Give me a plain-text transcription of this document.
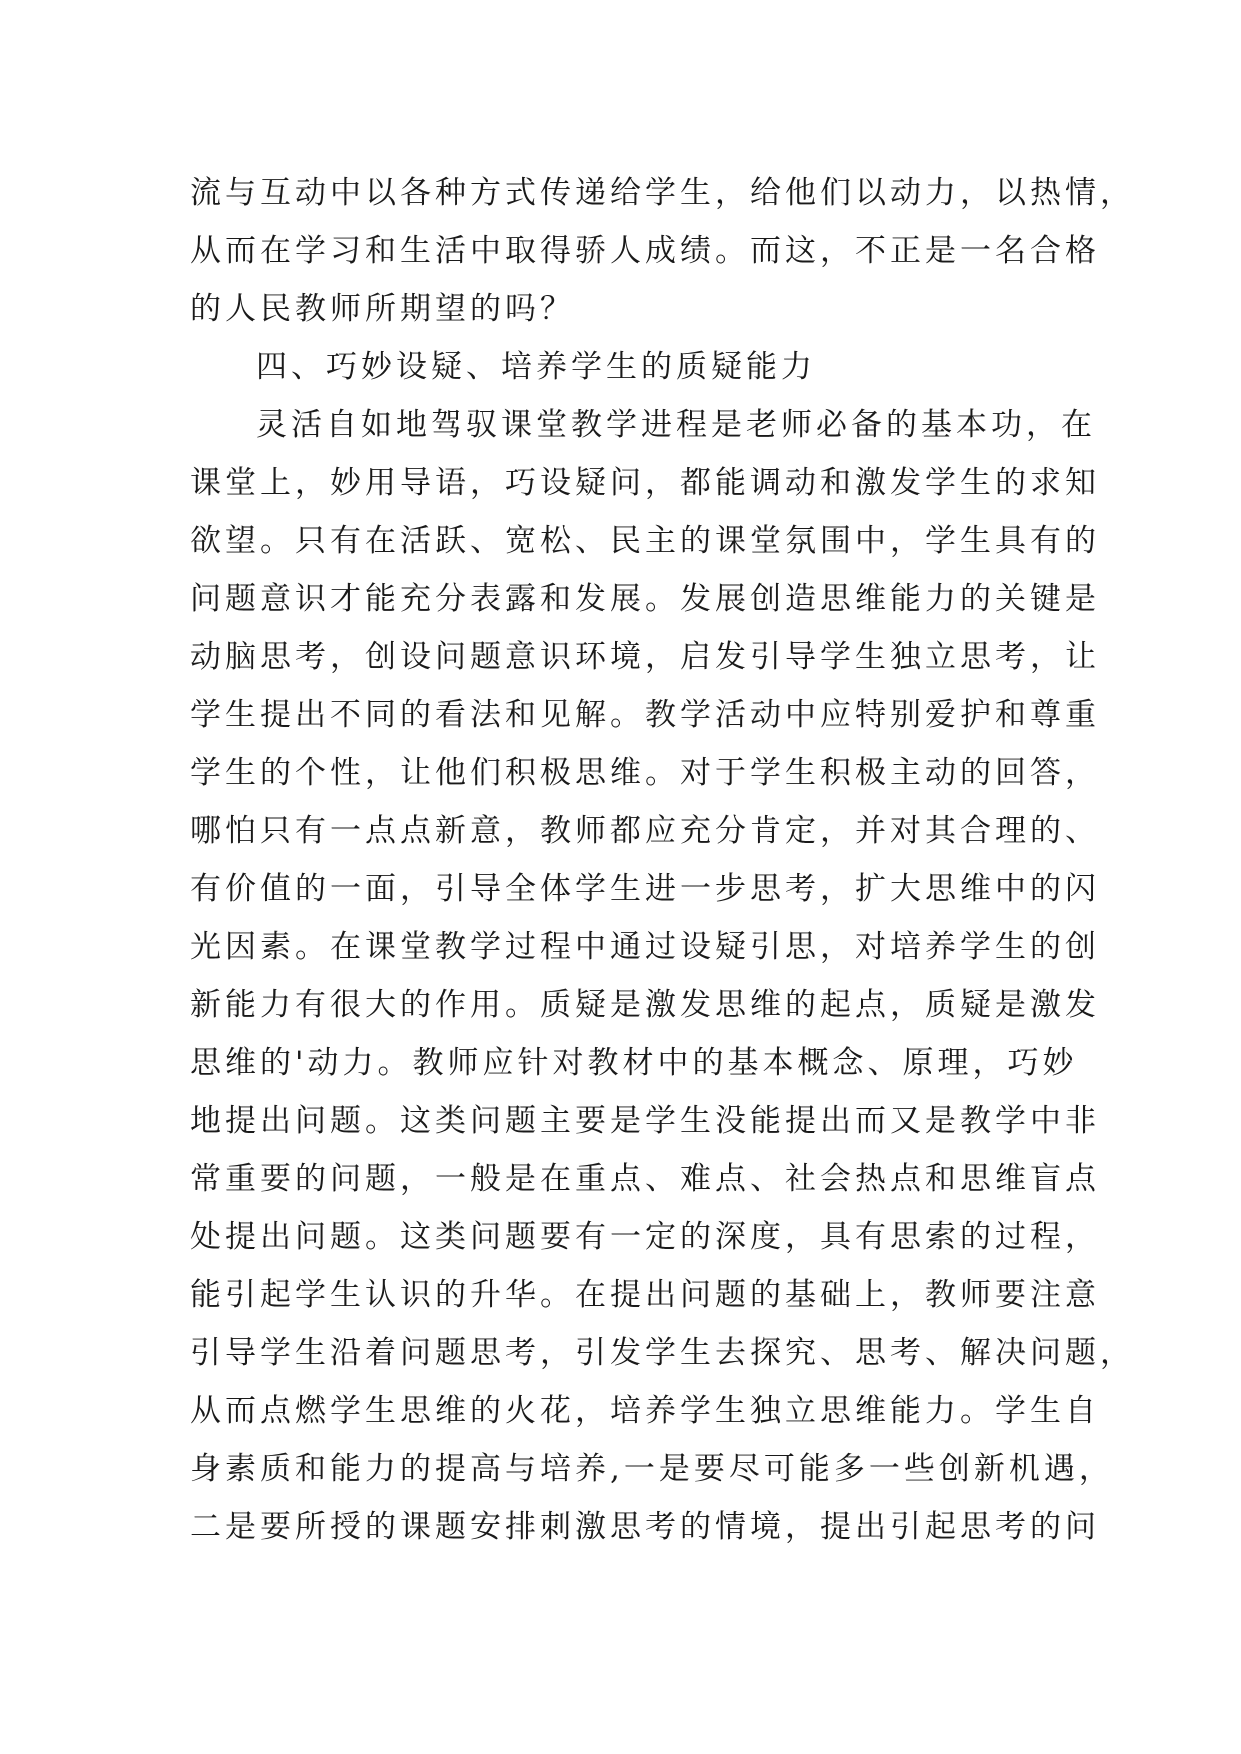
流与互动中以各种方式传递给学生，给他们以动力，以热情，
从而在学习和生活中取得骄人成绩。而这，不正是一名合格
的人民教师所期望的吗？
四、巧妙设疑、培养学生的质疑能力
灵活自如地驾驭课堂教学进程是老师必备的基本功，在
课堂上，妙用导语，巧设疑问，都能调动和激发学生的求知
欲望。只有在活跃、宽松、民主的课堂氛围中，学生具有的
问题意识才能充分表露和发展。发展创造思维能力的关键是
动脑思考，创设问题意识环境，启发引导学生独立思考，让
学生提出不同的看法和见解。教学活动中应特别爱护和尊重
学生的个性，让他们积极思维。对于学生积极主动的回答，
哪怕只有一点点新意，教师都应充分肯定，并对其合理的、
有价值的一面，引导全体学生进一步思考，扩大思维中的闪
光因素。在课堂教学过程中通过设疑引思，对培养学生的创
新能力有很大的作用。质疑是激发思维的起点，质疑是激发
思维的'动力。教师应针对教材中的基本概念、原理，巧妙
地提出问题。这类问题主要是学生没能提出而又是教学中非
常重要的问题，一般是在重点、难点、社会热点和思维盲点
处提出问题。这类问题要有一定的深度，具有思索的过程，
能引起学生认识的升华。在提出问题的基础上，教师要注意
引导学生沿着问题思考，引发学生去探究、思考、解决问题，
从而点燃学生思维的火花，培养学生独立思维能力。学生自
身素质和能力的提高与培养,一是要尽可能多一些创新机遇，
二是要所授的课题安排刺激思考的情境，提出引起思考的问
